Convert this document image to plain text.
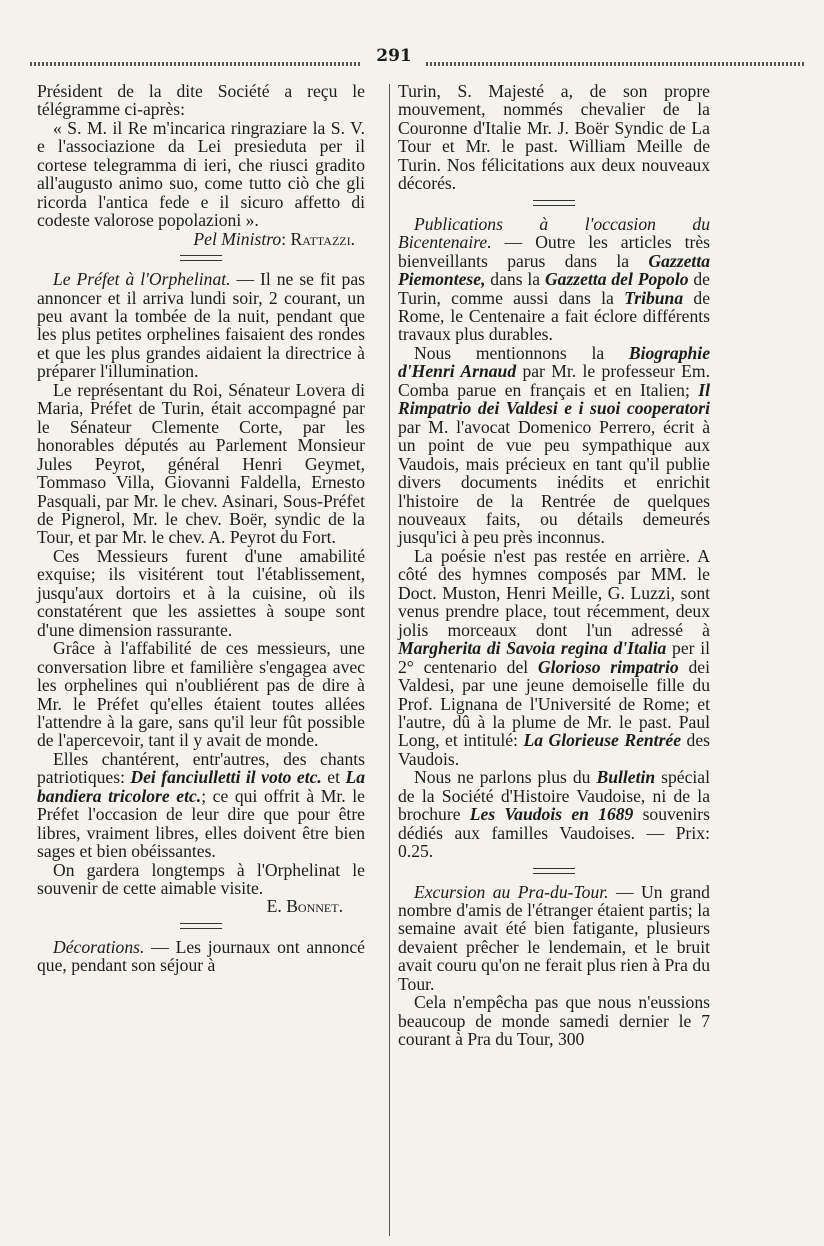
291

Président de la dite Société a reçu le télégramme ci-après:

« S. M. il Re m'incarica ringraziare la S. V. e l'associazione da Lei presieduta per il cortese telegramma di ieri, che riusci gradito all'augusto animo suo, come tutto ciò che gli ricorda l'antica fede e il sicuro affetto di codeste valorose popolazioni ».

Pel Ministro: Rattazzi.

Le Préfet à l'Orphelinat. — Il ne se fit pas annoncer et il arriva lundi soir, 2 courant, un peu avant la tombée de la nuit, pendant que les plus petites orphelines faisaient des rondes et que les plus grandes aidaient la directrice à préparer l'illumination.

Le représentant du Roi, Sénateur Lovera di Maria, Préfet de Turin, était accompagné par le Sénateur Clemente Corte, par les honorables députés au Parlement Monsieur Jules Peyrot, général Henri Geymet, Tommaso Villa, Giovanni Faldella, Ernesto Pasquali, par Mr. le chev. Asinari, Sous-Préfet de Pignerol, Mr. le chev. Boër, syndic de la Tour, et par Mr. le chev. A. Peyrot du Fort.

Ces Messieurs furent d'une amabilité exquise; ils visitérent tout l'établissement, jusqu'aux dortoirs et à la cuisine, où ils constatérent que les assiettes à soupe sont d'une dimension rassurante.

Grâce à l'affabilité de ces messieurs, une conversation libre et familière s'engagea avec les orphelines qui n'oubliérent pas de dire à Mr. le Préfet qu'elles étaient toutes allées l'attendre à la gare, sans qu'il leur fût possible de l'apercevoir, tant il y avait de monde.

Elles chantérent, entr'autres, des chants patriotiques: Dei fanciulletti il voto etc. et La bandiera tricolore etc.; ce qui offrit à Mr. le Préfet l'occasion de leur dire que pour être libres, vraiment libres, elles doivent être bien sages et bien obéissantes.

On gardera longtemps à l'Orphelinat le souvenir de cette aimable visite.

E. Bonnet.

Décorations. — Les journaux ont annoncé que, pendant son séjour à

Turin, S. Majesté a, de son propre mouvement, nommés chevalier de la Couronne d'Italie Mr. J. Boër Syndic de La Tour et Mr. le past. William Meille de Turin. Nos félicitations aux deux nouveaux décorés.

Publications à l'occasion du Bicentenaire. — Outre les articles très bienveillants parus dans la Gazzetta Piemontese, dans la Gazzetta del Popolo de Turin, comme aussi dans la Tribuna de Rome, le Centenaire a fait éclore différents travaux plus durables.

Nous mentionnons la Biographie d'Henri Arnaud par Mr. le professeur Em. Comba parue en français et en Italien; Il Rimpatrio dei Valdesi e i suoi cooperatori par M. l'avocat Domenico Perrero, écrit à un point de vue peu sympathique aux Vaudois, mais précieux en tant qu'il publie divers documents inédits et enrichit l'histoire de la Rentrée de quelques nouveaux faits, ou détails demeurés jusqu'ici à peu près inconnus.

La poésie n'est pas restée en arrière. A côté des hymnes composés par MM. le Doct. Muston, Henri Meille, G. Luzzi, sont venus prendre place, tout récemment, deux jolis morceaux dont l'un adressé à Margherita di Savoia regina d'Italia per il 2° centenario del Glorioso rimpatrio dei Valdesi, par une jeune demoiselle fille du Prof. Lignana de l'Université de Rome; et l'autre, dû à la plume de Mr. le past. Paul Long, et intitulé: La Glorieuse Rentrée des Vaudois.

Nous ne parlons plus du Bulletin spécial de la Société d'Histoire Vaudoise, ni de la brochure Les Vaudois en 1689 souvenirs dédiés aux familles Vaudoises. — Prix: 0.25.

Excursion au Pra-du-Tour. — Un grand nombre d'amis de l'étranger étaient partis; la semaine avait été bien fatigante, plusieurs devaient prêcher le lendemain, et le bruit avait couru qu'on ne ferait plus rien à Pra du Tour.

Cela n'empêcha pas que nous n'eussions beaucoup de monde samedi dernier le 7 courant à Pra du Tour, 300
